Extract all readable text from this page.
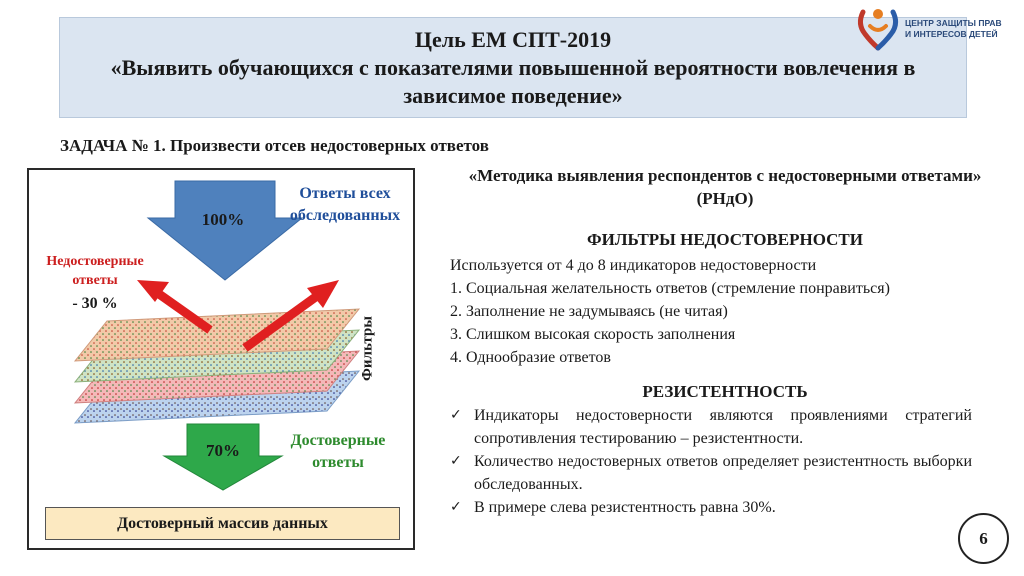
Цель ЕМ СПТ-2019
«Выявить обучающихся с показателями повышенной вероятности вовлечения в зависимое поведение»
ЦЕНТР ЗАЩИТЫ ПРАВ
И ИНТЕРЕСОВ ДЕТЕЙ
ЗАДАЧА № 1. Произвести отсев недостоверных ответов
Ответы всех обследованных
100%
Недостоверные ответы
- 30 %
Фильтры
70%
Достоверные ответы
Достоверный массив данных
«Методика выявления респондентов с недостоверными ответами» (РНдО)
ФИЛЬТРЫ НЕДОСТОВЕРНОСТИ
Используется от 4 до 8 индикаторов недостоверности
1. Социальная желательность ответов (стремление понравиться)
2. Заполнение не задумываясь (не читая)
3. Слишком высокая скорость заполнения
4. Однообразие ответов
РЕЗИСТЕНТНОСТЬ
✓ Индикаторы недостоверности являются проявлениями стратегий сопротивления тестированию – резистентности.
✓ Количество недостоверных ответов определяет резистентность выборки обследованных.
✓ В примере слева резистентность равна 30%.
6
